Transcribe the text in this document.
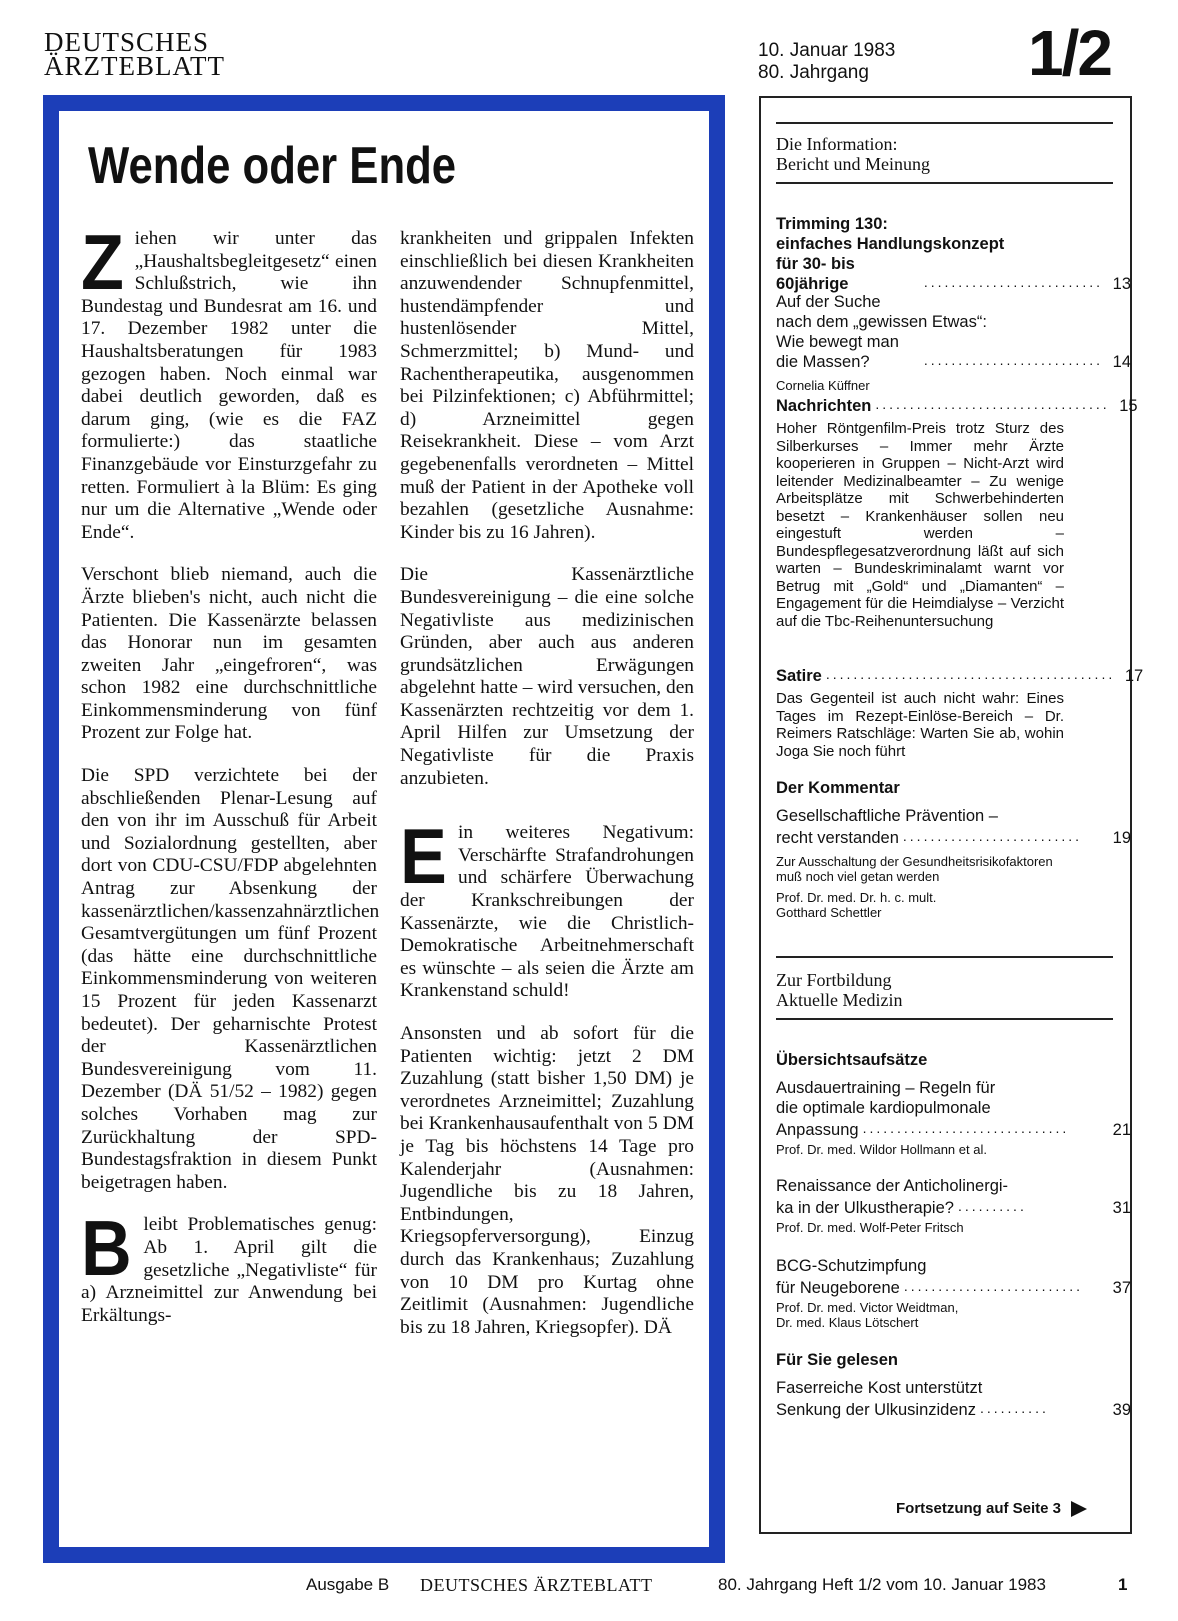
DEUTSCHES
ÄRZTEBLATT
10. Januar 1983
80. Jahrgang	1/2
Wende oder Ende

Ziehen wir unter das „Haushaltsbegleitgesetz“ einen Schlußstrich, wie ihn Bundestag und Bundesrat am 16. und 17. Dezember 1982 unter die Haushaltsberatungen für 1983 gezogen haben. Noch einmal war dabei deutlich geworden, daß es darum ging, (wie es die FAZ formulierte:) das staatliche Finanzgebäude vor Einsturzgefahr zu retten. Formuliert à la Blüm: Es ging nur um die Alternative „Wende oder Ende“.

Verschont blieb niemand, auch die Ärzte blieben's nicht, auch nicht die Patienten. Die Kassenärzte belassen das Honorar nun im gesamten zweiten Jahr „eingefroren“, was schon 1982 eine durchschnittliche Einkommensminderung von fünf Prozent zur Folge hat.

Die SPD verzichtete bei der abschließenden Plenar-Lesung auf den von ihr im Ausschuß für Arbeit und Sozialordnung gestellten, aber dort von CDU-CSU/FDP abgelehnten Antrag zur Absenkung der kassenärztlichen/kassenzahnärztlichen Gesamtvergütungen um fünf Prozent (das hätte eine durchschnittliche Einkommensminderung von weiteren 15 Prozent für jeden Kassenarzt bedeutet). Der geharnischte Protest der Kassenärztlichen Bundesvereinigung vom 11. Dezember (DÄ 51/52 – 1982) gegen solches Vorhaben mag zur Zurückhaltung der SPD-Bundestagsfraktion in diesem Punkt beigetragen haben.

Bleibt Problematisches genug: Ab 1. April gilt die gesetzliche „Negativliste“ für a) Arzneimittel zur Anwendung bei Erkältungs-

krankheiten und grippalen Infekten einschließlich bei diesen Krankheiten anzuwendender Schnupfenmittel, hustendämpfender und hustenlösender Mittel, Schmerzmittel; b) Mund- und Rachentherapeutika, ausgenommen bei Pilzinfektionen; c) Abführmittel; d) Arzneimittel gegen Reisekrankheit. Diese – vom Arzt gegebenenfalls verordneten – Mittel muß der Patient in der Apotheke voll bezahlen (gesetzliche Ausnahme: Kinder bis zu 16 Jahren).

Die Kassenärztliche Bundesvereinigung – die eine solche Negativliste aus medizinischen Gründen, aber auch aus anderen grundsätzlichen Erwägungen abgelehnt hatte – wird versuchen, den Kassenärzten rechtzeitig vor dem 1. April Hilfen zur Umsetzung der Negativliste für die Praxis anzubieten.

Ein weiteres Negativum: Verschärfte Strafandrohungen und schärfere Überwachung der Krankschreibungen der Kassenärzte, wie die Christlich-Demokratische Arbeitnehmerschaft es wünschte – als seien die Ärzte am Krankenstand schuld!

Ansonsten und ab sofort für die Patienten wichtig: jetzt 2 DM Zuzahlung (statt bisher 1,50 DM) je verordnetes Arzneimittel; Zuzahlung bei Krankenhausaufenthalt von 5 DM je Tag bis höchstens 14 Tage pro Kalenderjahr (Ausnahmen: Jugendliche bis zu 18 Jahren, Entbindungen, Kriegsopferversorgung), Einzug durch das Krankenhaus; Zuzahlung von 10 DM pro Kurtag ohne Zeitlimit (Ausnahmen: Jugendliche bis zu 18 Jahren, Kriegsopfer). DÄ

Die Information:
Bericht und Meinung
Trimming 130:
einfaches Handlungskonzept
für 30- bis 60jährige	.......................... 13
Auf der Suche
nach dem „gewissen Etwas“:
Wie bewegt man die Massen?	.......................... 14
Cornelia Küffner
Nachrichten .................................. 15
Hoher Röntgenfilm-Preis trotz Sturz des Silberkurses – Immer mehr Ärzte kooperieren in Gruppen – Nicht-Arzt wird leitender Medizinalbeamter – Zu wenige Arbeitsplätze mit Schwerbehinderten besetzt – Krankenhäuser sollen neu eingestuft werden – Bundespflegesatzverordnung läßt auf sich warten – Bundeskriminalamt warnt vor Betrug mit „Gold“ und „Diamanten“ – Engagement für die Heimdialyse – Verzicht auf die Tbc-Reihenuntersuchung
Satire .......................................... 17
Das Gegenteil ist auch nicht wahr: Eines Tages im Rezept-Einlöse-Bereich – Dr. Reimers Ratschläge: Warten Sie ab, wohin Joga Sie noch führt
Der Kommentar
Gesellschaftliche Prävention –
recht verstanden ..........................	19
Zur Ausschaltung der Gesundheitsrisikofaktoren muß noch viel getan werden
Prof. Dr. med. Dr. h. c. mult.
Gotthard Schettler
Zur Fortbildung
Aktuelle Medizin
Übersichtsaufsätze
Ausdauertraining – Regeln für
die optimale kardiopulmonale
Anpassung ..............................	21
Prof. Dr. med. Wildor Hollmann et al.
Renaissance der Anticholinergi-
ka in der Ulkustherapie? ..........	31
Prof. Dr. med. Wolf-Peter Fritsch
BCG-Schutzimpfung
für Neugeborene ..........................	37
Prof. Dr. med. Victor Weidtman,
Dr. med. Klaus Lötschert
Für Sie gelesen
Faserreiche Kost unterstützt
Senkung der Ulkusinzidenz ..........	39
Fortsetzung auf Seite 3
Ausgabe B DEUTSCHES ÄRZTEBLATT	80. Jahrgang Heft 1/2 vom 10. Januar 1983	1
